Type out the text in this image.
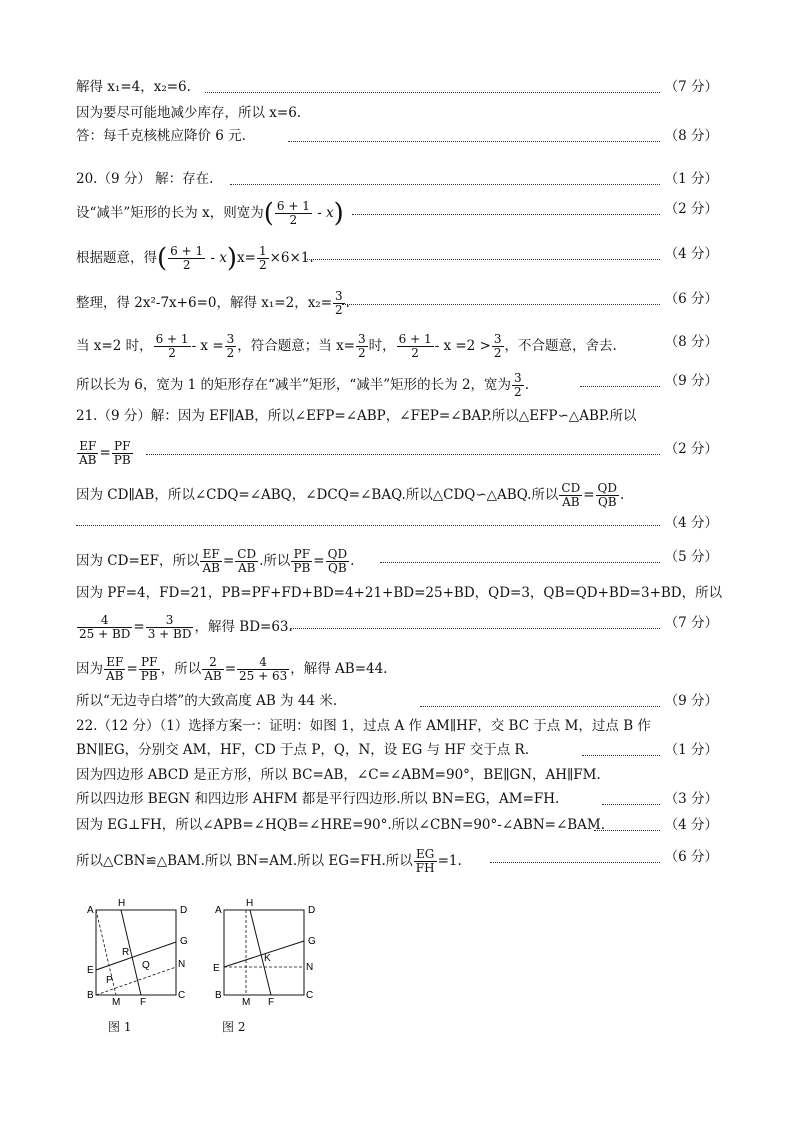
解得 x₁=4，x₂=6.	（7 分）
因为要尽可能地减少库存，所以 x=6.
答：每千克核桃应降价 6 元.	（8 分）
20.（9 分） 解：存在.	（1 分）
设“减半”矩形的长为 x，则宽为( $\frac{6 + 1}{2} - x$)	（2 分）
根据题意，得( $\frac{6 + 1}{2} - x)x= \frac{1}{2} \times 6\times 1$.	（4 分）
整理，得 2x²-7x+6=0，解得 x₁=2，$x_2= \frac{3}{2}$ .	（6 分）
当 x=2 时， $\frac{6 + 1}{2} - x = \frac{3}{2}$ ，符合题意；当 $x= \frac{3}{2}$ 时， $\frac{6 + 1}{2} - x =2 > \frac{3}{2}$ ，不合题意，舍去.	（8 分）
所以长为 6，宽为 1 的矩形存在“减半”矩形，“减半”矩形的长为 2，宽为 $\frac{3}{2}$ .	（9 分）
21.（9 分）解：因为 EF∥AB，所以∠EFP=∠ABP，∠FEP=∠BAP.所以△EFP∽△ABP.所以
$\frac{EF}{AB} = \frac{PF}{PB}$	（2 分）
因为 CD∥AB，所以∠CDQ=∠ABQ，∠DCQ=∠BAQ.所以△CDQ∽△ABQ.所以 $\frac{CD}{AB} = \frac{QD}{QB}$ .
（4 分）
因为 CD=EF，所以 $\frac{EF}{AB} = \frac{CD}{AB}$ .所以 $\frac{PF}{PB} = \frac{QD}{QB}$ .	（5 分）
因为 PF=4，FD=21，PB=PF+FD+BD=4+21+BD=25+BD，QD=3，QB=QD+BD=3+BD，所以
$\frac{4}{25 + BD} = \frac{3}{3 + BD}$ ，解得 BD=63.	（7 分）
因为 $\frac{EF}{AB} = \frac{PF}{PB}$ ，所以 $\frac{2}{AB} = \frac{4}{25 + 63}$ ，解得 AB=44.
所以“无边寺白塔”的大致高度 AB 为 44 米.	（9 分）
22.（12 分）（1）选择方案一：证明：如图 1，过点 A 作 AM∥HF，交 BC 于点 M，过点 B 作
BN∥EG，分别交 AM，HF，CD 于点 P，Q，N，设 EG 与 HF 交于点 R.	（1 分）
因为四边形 ABCD 是正方形，所以 BC=AB，∠C=∠ABM=90°，BE∥GN，AH∥FM.
所以四边形 BEGN 和四边形 AHFM 都是平行四边形.所以 BN=EG，AM=FH.	（3 分）
因为 EG⊥FH，所以∠APB=∠HQB=∠HRE=90°.所以∠CBN=90°-∠ABN=∠BAM.	（4 分）
所以△CBN≌△BAM.所以 BN=AM.所以 EG=FH.所以 $\frac{EG}{FH} =1$.	（6 分）
A
H
D
G
N
E
B
M F
C
R
Q
P
图 1
A
H
D
G
N
E
B
M F
C
K
图 2
